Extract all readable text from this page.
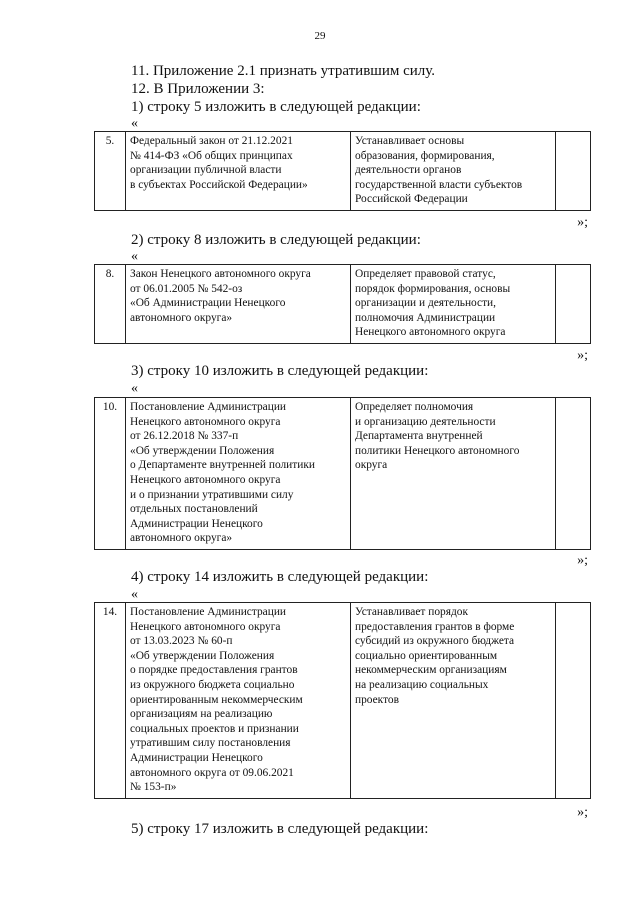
29
11. Приложение 2.1 признать утратившим силу.
12. В Приложении 3:
1) строку 5 изложить в следующей редакции:
«
5.	Федеральный закон от 21.12.2021
№ 414-ФЗ «Об общих принципах
организации публичной власти
в субъектах Российской Федерации»

Устанавливает основы
образования, формирования,
деятельности органов
государственной власти субъектов
Российской Федерации

»;
2) строку 8 изложить в следующей редакции:
«
8.	Закон Ненецкого автономного округа
от 06.01.2005 № 542-оз
«Об Администрации Ненецкого
автономного округа»

Определяет правовой статус,
порядок формирования, основы
организации и деятельности,
полномочия Администрации
Ненецкого автономного округа

»;
3) строку 10 изложить в следующей редакции:
«
10.	Постановление Администрации
Ненецкого автономного округа
от 26.12.2018 № 337-п
«Об утверждении Положения
о Департаменте внутренней политики
Ненецкого автономного округа
и о признании утратившими силу
отдельных постановлений
Администрации Ненецкого
автономного округа»

Определяет полномочия
и организацию деятельности
Департамента внутренней
политики Ненецкого автономного
округа

»;
4) строку 14 изложить в следующей редакции:
«
14.	Постановление Администрации
Ненецкого автономного округа
от 13.03.2023 № 60-п
«Об утверждении Положения
о порядке предоставления грантов
из окружного бюджета социально
ориентированным некоммерческим
организациям на реализацию
социальных проектов и признании
утратившим силу постановления
Администрации Ненецкого
автономного округа от 09.06.2021
№ 153-п»

Устанавливает порядок
предоставления грантов в форме
субсидий из окружного бюджета
социально ориентированным
некоммерческим организациям
на реализацию социальных
проектов

»;
5) строку 17 изложить в следующей редакции:
